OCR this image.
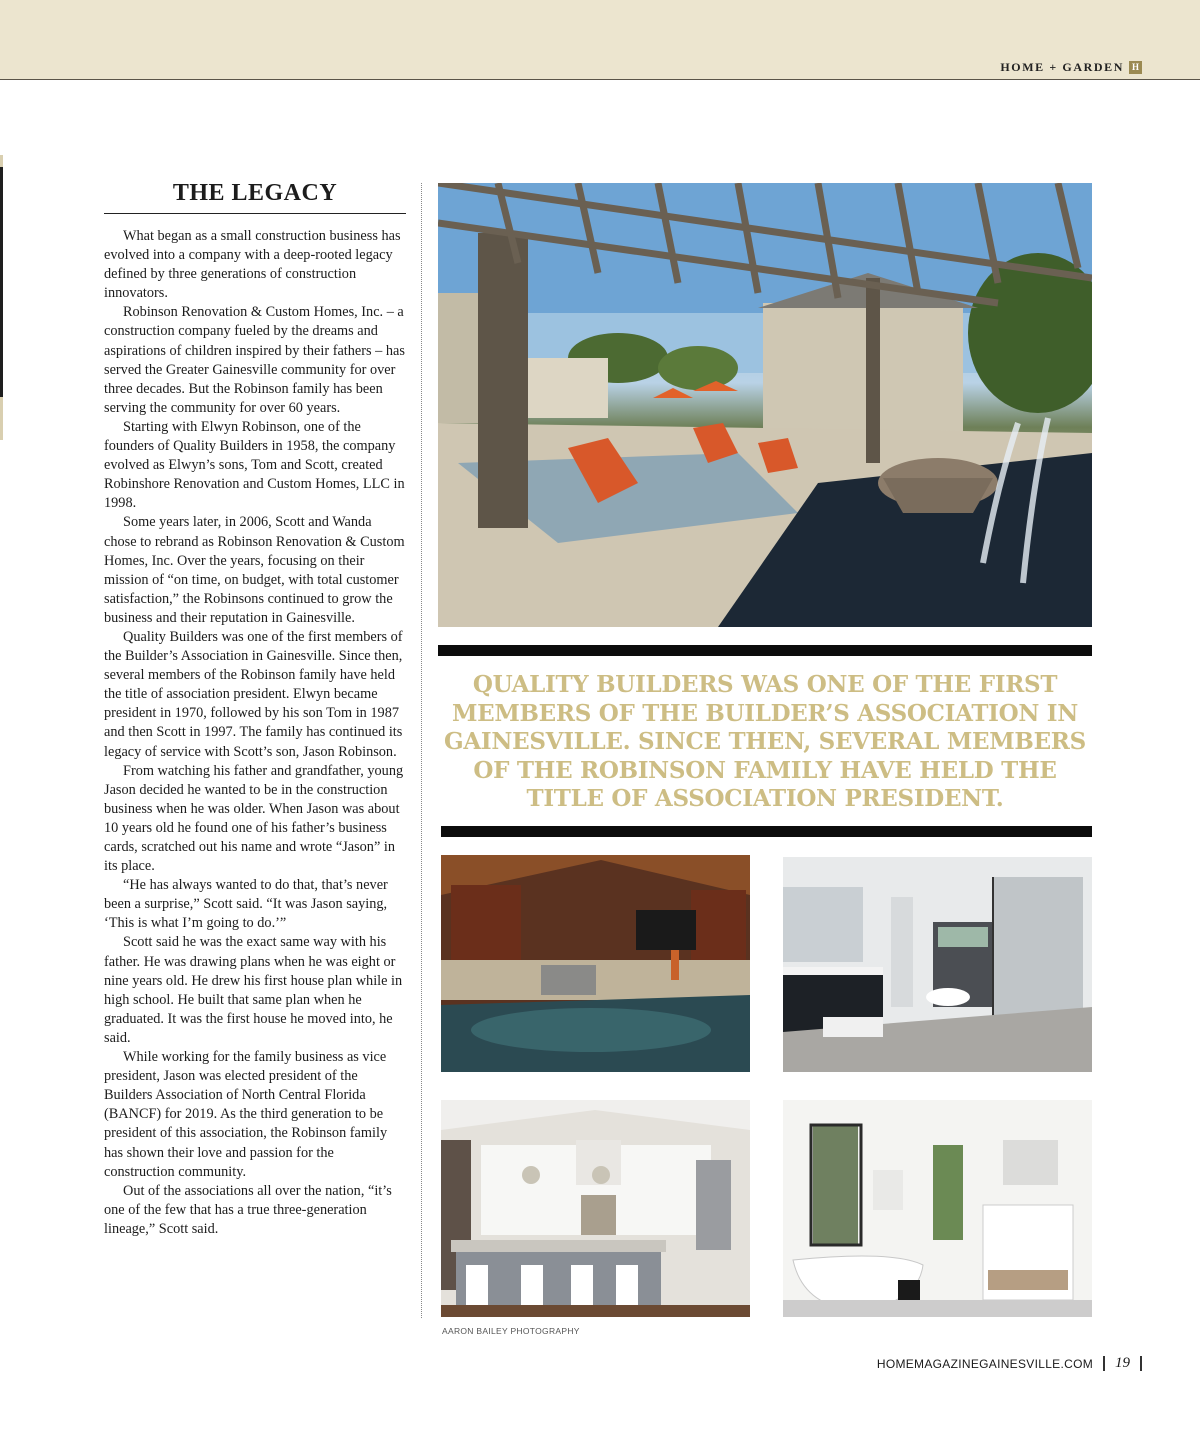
HOME + GARDEN H
THE LEGACY

What began as a small construction business has evolved into a company with a deep-rooted legacy defined by three generations of construction innovators.

Robinson Renovation & Custom Homes, Inc. – a construction company fueled by the dreams and aspirations of children inspired by their fathers – has served the Greater Gainesville community for over three decades. But the Robinson family has been serving the community for over 60 years.

Starting with Elwyn Robinson, one of the founders of Quality Builders in 1958, the company evolved as Elwyn’s sons, Tom and Scott, created Robinshore Renovation and Custom Homes, LLC in 1998.

Some years later, in 2006, Scott and Wanda chose to rebrand as Robinson Renovation & Custom Homes, Inc. Over the years, focusing on their mission of “on time, on budget, with total customer satisfaction,” the Robinsons continued to grow the business and their reputation in Gainesville.

Quality Builders was one of the first members of the Builder’s Association in Gainesville. Since then, several members of the Robinson family have held the title of association president. Elwyn became president in 1970, followed by his son Tom in 1987 and then Scott in 1997. The family has continued its legacy of service with Scott’s son, Jason Robinson.

From watching his father and grandfather, young Jason decided he wanted to be in the construction business when he was older. When Jason was about 10 years old he found one of his father’s business cards, scratched out his name and wrote “Jason” in its place.

“He has always wanted to do that, that’s never been a surprise,” Scott said. “It was Jason saying, ‘This is what I’m going to do.’”

Scott said he was the exact same way with his father. He was drawing plans when he was eight or nine years old. He drew his first house plan while in high school. He built that same plan when he graduated. It was the first house he moved into, he said.

While working for the family business as vice president, Jason was elected president of the Builders Association of North Central Florida (BANCF) for 2019. As the third generation to be president of this association, the Robinson family has shown their love and passion for the construction community.

Out of the associations all over the nation, “it’s one of the few that has a true three-generation lineage,” Scott said.

QUALITY BUILDERS WAS ONE OF THE FIRST MEMBERS OF THE BUILDER’S ASSOCIATION IN GAINESVILLE. SINCE THEN, SEVERAL MEMBERS OF THE ROBINSON FAMILY HAVE HELD THE TITLE OF ASSOCIATION PRESIDENT.
AARON BAILEY PHOTOGRAPHY
HOMEMAGAZINEGAINESVILLE.COM 19
